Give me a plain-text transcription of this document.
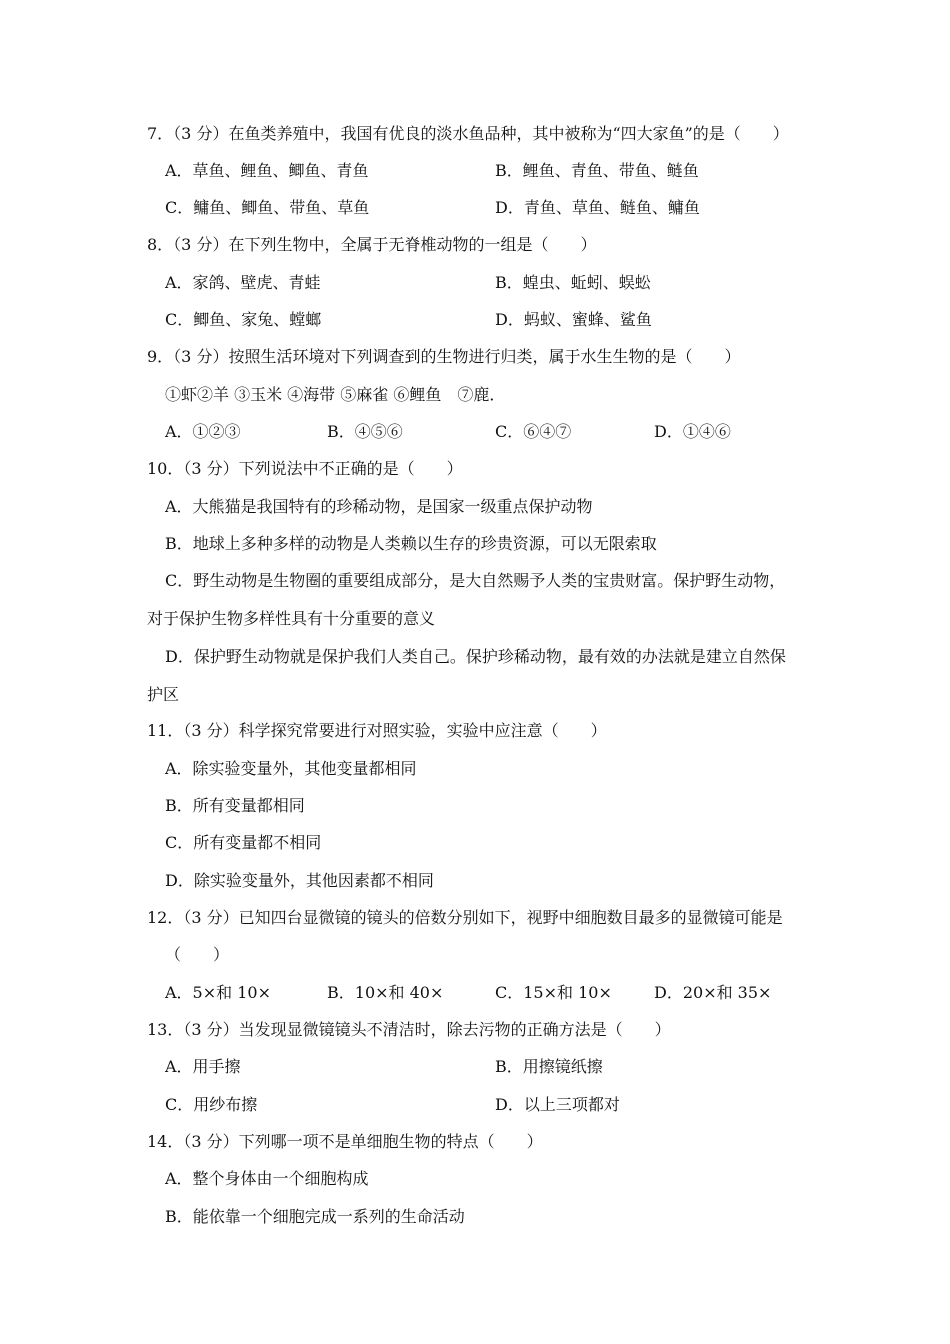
7．（3 分）在鱼类养殖中，我国有优良的淡水鱼品种，其中被称为“四大家鱼”的是（　　）
A．草鱼、鲤鱼、鲫鱼、青鱼	B．鲤鱼、青鱼、带鱼、鲢鱼
C．鳙鱼、鲫鱼、带鱼、草鱼	D．青鱼、草鱼、鲢鱼、鳙鱼
8．（3 分）在下列生物中，全属于无脊椎动物的一组是（　　）
A．家鸽、壁虎、青蛙	B．蝗虫、蚯蚓、蜈蚣
C．鲫鱼、家兔、螳螂	D．蚂蚁、蜜蜂、鲨鱼
9．（3 分）按照生活环境对下列调查到的生物进行归类，属于水生生物的是（　　）
①虾②羊 ③玉米 ④海带 ⑤麻雀 ⑥鲤鱼　⑦鹿．
A．①②③	B．④⑤⑥	C．⑥④⑦	D．①④⑥
10．（3 分）下列说法中不正确的是（　　）
A．大熊猫是我国特有的珍稀动物，是国家一级重点保护动物
B．地球上多种多样的动物是人类赖以生存的珍贵资源，可以无限索取
C．野生动物是生物圈的重要组成部分，是大自然赐予人类的宝贵财富。保护野生动物，
对于保护生物多样性具有十分重要的意义
D．保护野生动物就是保护我们人类自己。保护珍稀动物，最有效的办法就是建立自然保
护区
11．（3 分）科学探究常要进行对照实验，实验中应注意（　　）
A．除实验变量外，其他变量都相同
B．所有变量都相同
C．所有变量都不相同
D．除实验变量外，其他因素都不相同
12．（3 分）已知四台显微镜的镜头的倍数分别如下，视野中细胞数目最多的显微镜可能是
（　　）
A．5×和 10×	B．10×和 40×	C．15×和 10×	D．20×和 35×
13．（3 分）当发现显微镜镜头不清洁时，除去污物的正确方法是（　　）
A．用手擦	B．用擦镜纸擦
C．用纱布擦	D．以上三项都对
14．（3 分）下列哪一项不是单细胞生物的特点（　　）
A．整个身体由一个细胞构成
B．能依靠一个细胞完成一系列的生命活动
